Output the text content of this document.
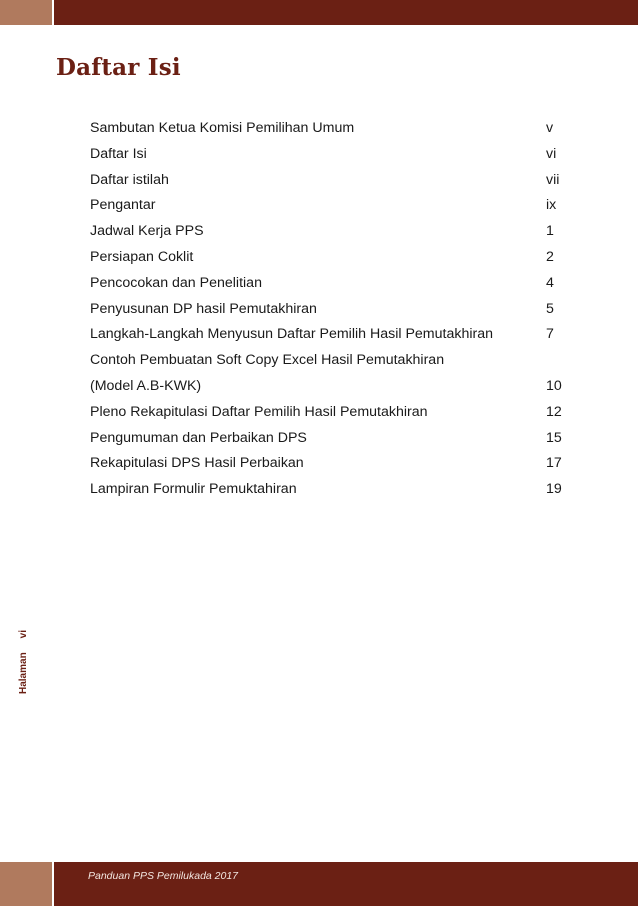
Daftar Isi
Sambutan Ketua Komisi Pemilihan Umum	v
Daftar Isi	vi
Daftar istilah	vii
Pengantar	ix
Jadwal Kerja PPS	1
Persiapan Coklit	2
Pencocokan dan Penelitian	4
Penyusunan DP hasil Pemutakhiran	5
Langkah-Langkah Menyusun Daftar Pemilih Hasil Pemutakhiran	7
Contoh Pembuatan Soft Copy Excel Hasil Pemutakhiran
(Model A.B-KWK)	10
Pleno Rekapitulasi Daftar Pemilih Hasil Pemutakhiran	12
Pengumuman dan Perbaikan DPS	15
Rekapitulasi DPS Hasil Perbaikan	17
Lampiran Formulir Pemuktahiran	19
Halamanvi
Panduan PPS Pemilukada 2017
